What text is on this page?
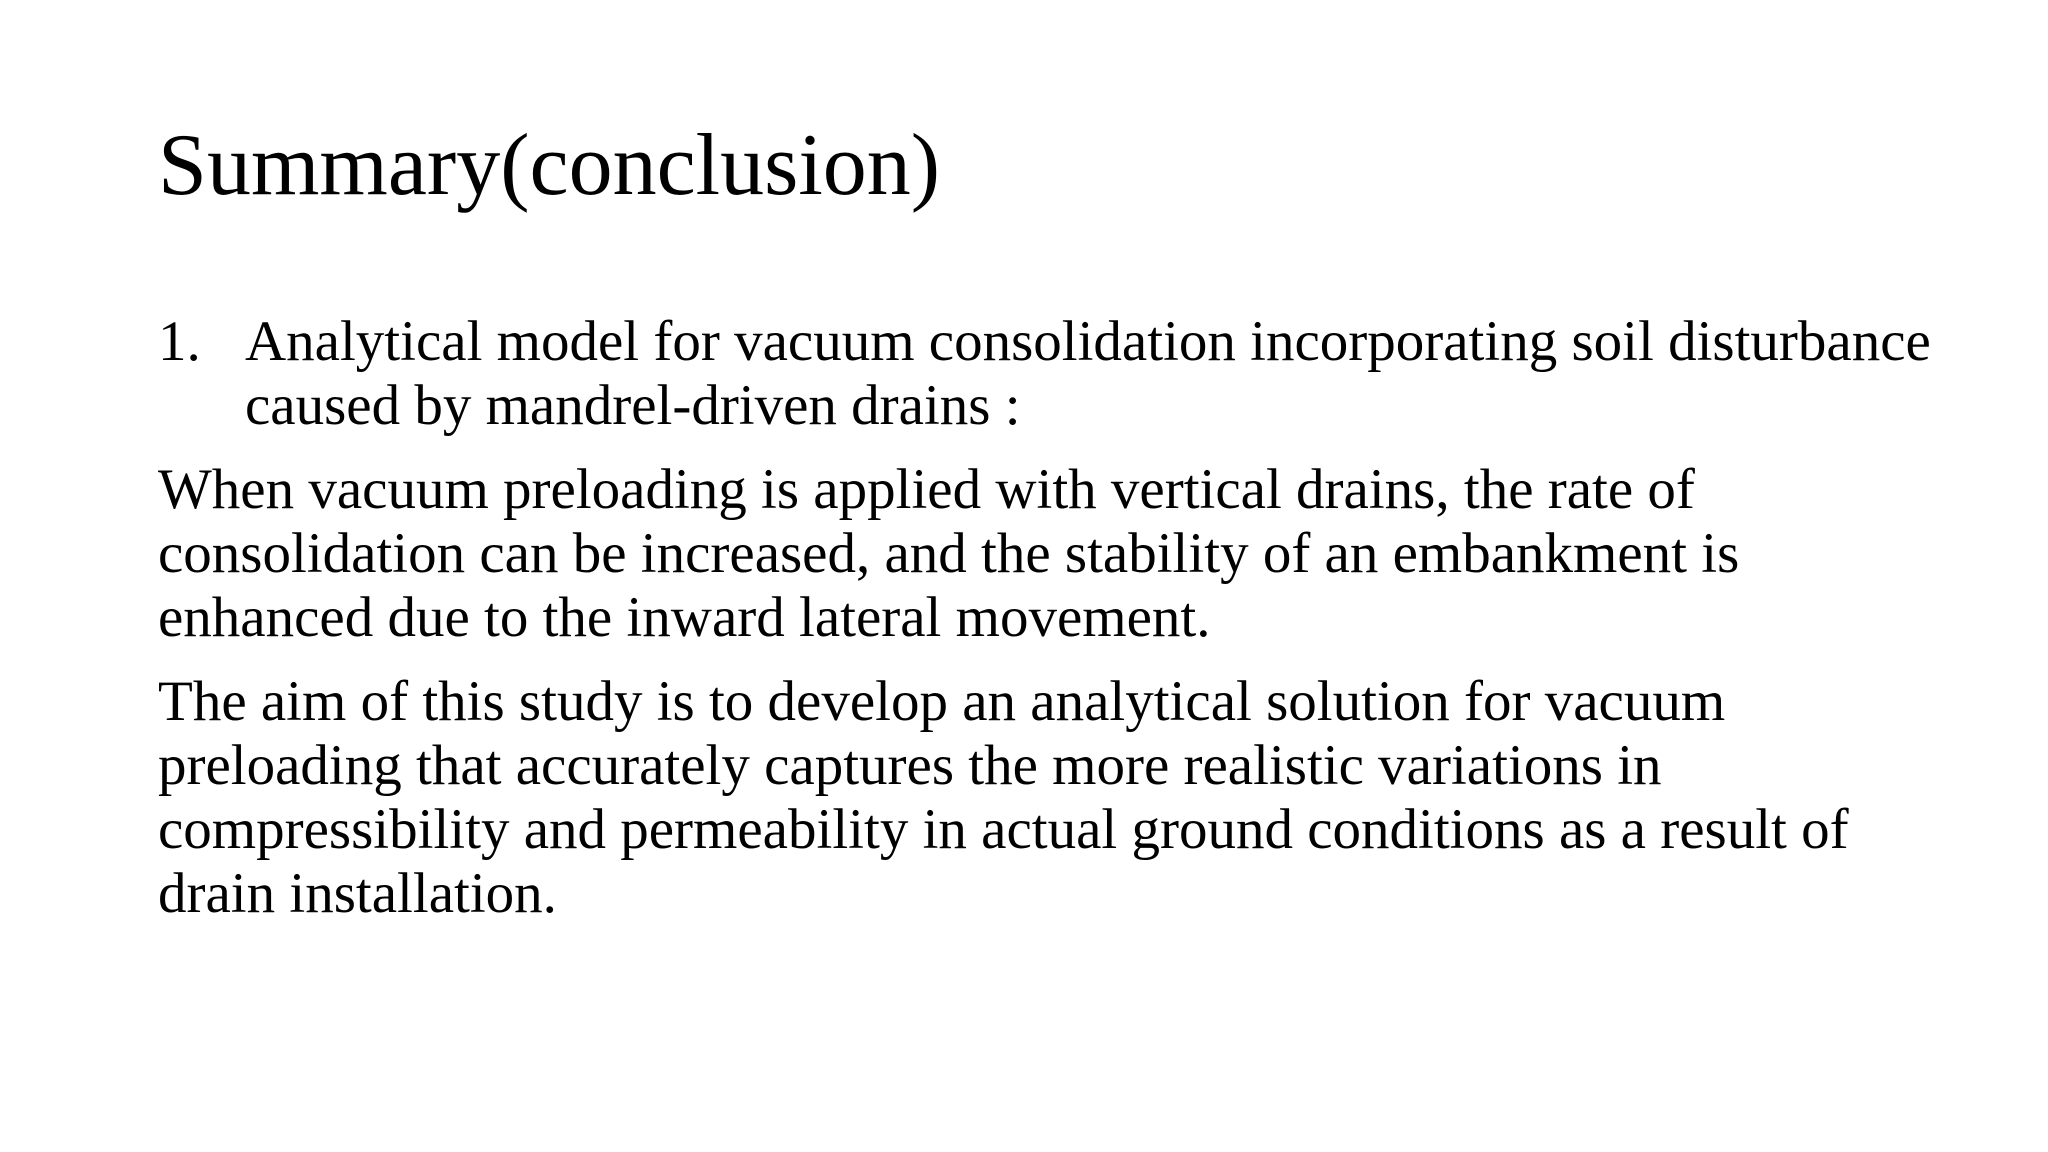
Summary(conclusion)
1. Analytical model for vacuum consolidation incorporating soil disturbance caused by mandrel-driven drains :

When vacuum preloading is applied with vertical drains, the rate of consolidation can be increased, and the stability of an embankment is enhanced due to the inward lateral movement.

The aim of this study is to develop an analytical solution for vacuum preloading that accurately captures the more realistic variations in compressibility and permeability in actual ground conditions as a result of drain installation.
